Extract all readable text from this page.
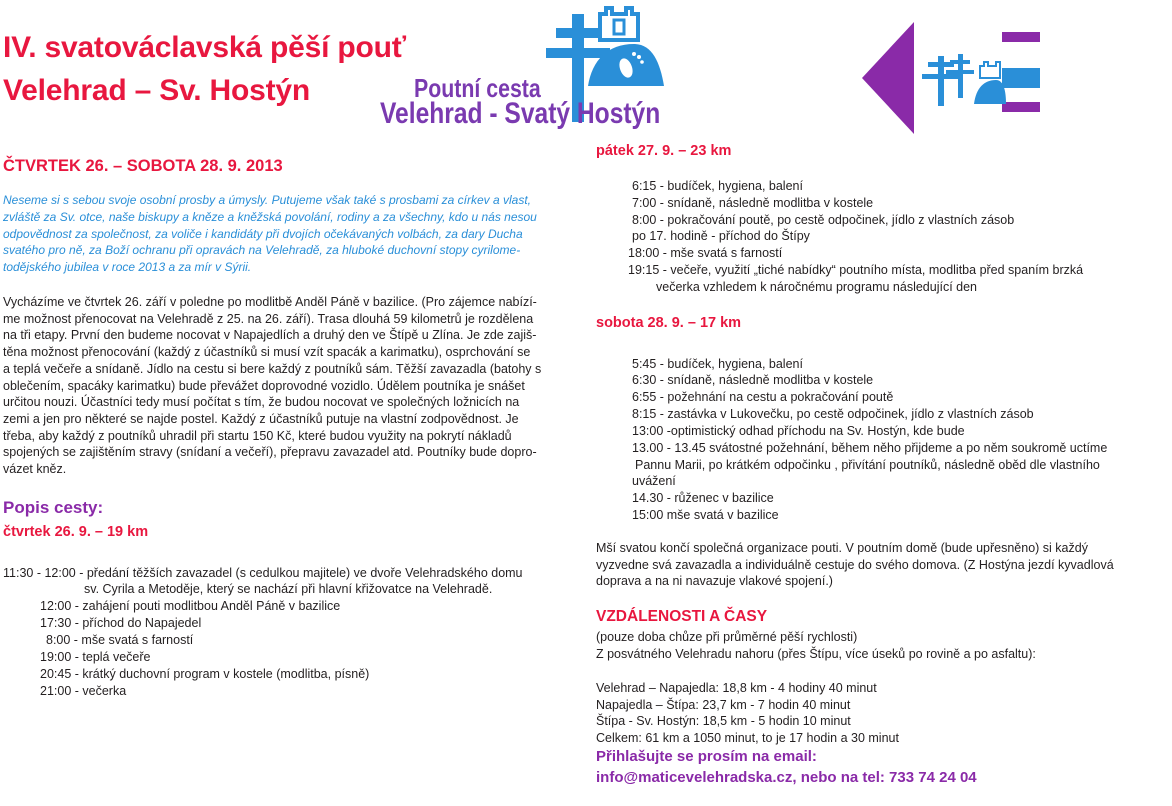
IV. svatováclavská pěší pouť
Velehrad – Sv. Hostýn	Poutní cesta
Velehrad - Svatý Hostýn
ČTVRTEK 26. – SOBOTA 28. 9. 2013
Neseme si s sebou svoje osobní prosby a úmysly. Putujeme však také s prosbami za církev a vlast,
zvláště za Sv. otce, naše biskupy a kněze a kněžská povolání, rodiny a za všechny, kdo u nás nesou
odpovědnost za společnost, za voliče i kandidáty při dvojích očekávaných volbách, za dary Ducha
svatého pro ně, za Boží ochranu při opravách na Velehradě, za hluboké duchovní stopy cyrilome-
todějského jubilea v roce 2013 a za mír v Sýrii.
Vycházíme ve čtvrtek 26. září v poledne po modlitbě Anděl Páně v bazilice. (Pro zájemce nabízí-
me možnost přenocovat na Velehradě z 25. na 26. září). Trasa dlouhá 59 kilometrů je rozdělena
na tři etapy. První den budeme nocovat v Napajedlích a druhý den ve Štípě u Zlína. Je zde zajiš-
těna možnost přenocování (každý z účastníků si musí vzít spacák a karimatku), osprchování se
a teplá večeře a snídaně. Jídlo na cestu si bere každý z poutníků sám. Těžší zavazadla (batohy s
oblečením, spacáky karimatku) bude převážet doprovodné vozidlo. Údělem poutníka je snášet
určitou nouzi. Účastníci tedy musí počítat s tím, že budou nocovat ve společných ložnicích na
zemi a jen pro některé se najde postel. Každý z účastníků putuje na vlastní zodpovědnost. Je
třeba, aby každý z poutníků uhradil při startu 150 Kč, které budou využity na pokrytí nákladů
spojených se zajištěním stravy (snídaní a večeří), přepravu zavazadel atd. Poutníky bude dopro-
vázet kněz.
Popis cesty:
čtvrtek 26. 9. – 19 km
11:30 - 12:00 - předání těžších zavazadel (s cedulkou majitele) ve dvoře Velehradského domu
sv. Cyrila a Metoděje, který se nachází při hlavní křižovatce na Velehradě.
12:00 - zahájení pouti modlitbou Anděl Páně v bazilice
17:30 - příchod do Napajedel
8:00 - mše svatá s farností
19:00 - teplá večeře
20:45 - krátký duchovní program v kostele (modlitba, písně)
21:00 - večerka
pátek 27. 9. – 23 km
6:15 - budíček, hygiena, balení
7:00 - snídaně, následně modlitba v kostele
8:00 - pokračování poutě, po cestě odpočinek, jídlo z vlastních zásob
po 17. hodině - příchod do Štípy
18:00 - mše svatá s farností
19:15 - večeře, využití „tiché nabídky“ poutního místa, modlitba před spaním brzká
večerka vzhledem k náročnému programu následující den
sobota 28. 9. – 17 km
5:45 - budíček, hygiena, balení
6:30 - snídaně, následně modlitba v kostele
6:55 - požehnání na cestu a pokračování poutě
8:15 - zastávka v Lukovečku, po cestě odpočinek, jídlo z vlastních zásob
13:00 -optimistický odhad příchodu na Sv. Hostýn, kde bude
13.00 - 13.45 svátostné požehnání, během něho přijdeme a po něm soukromě uctíme
Pannu Marii, po krátkém odpočinku , přivítání poutníků, následně oběd dle vlastního
uvážení
14.30 - růženec v bazilice
15:00 mše svatá v bazilice
Mší svatou končí společná organizace pouti. V poutním domě (bude upřesněno) si každý
vyzvedne svá zavazadla a individuálně cestuje do svého domova. (Z Hostýna jezdí kyvadlová
doprava a na ni navazuje vlakové spojení.)
VZDÁLENOSTI A ČASY
(pouze doba chůze při průměrné pěší rychlosti)
Z posvátného Velehradu nahoru (přes Štípu, více úseků po rovině a po asfaltu):
Velehrad – Napajedla: 18,8 km - 4 hodiny 40 minut
Napajedla – Štípa: 23,7 km - 7 hodin 40 minut
Štípa - Sv. Hostýn: 18,5 km - 5 hodin 10 minut
Celkem: 61 km a 1050 minut, to je 17 hodin a 30 minut
Přihlašujte se prosím na email:
info@maticevelehradska.cz, nebo na tel: 733 74 24 04
